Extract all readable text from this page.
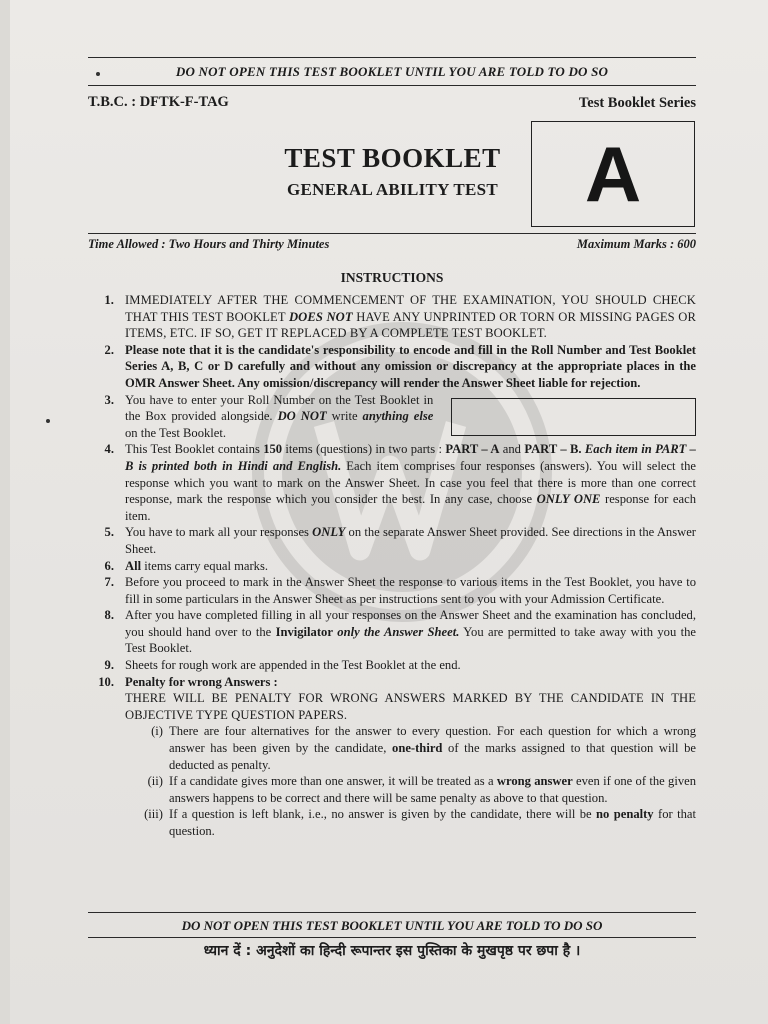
DO NOT OPEN THIS TEST BOOKLET UNTIL YOU ARE TOLD TO DO SO
T.B.C. : DFTK-F-TAG	Test Booklet Series
TEST BOOKLET
GENERAL ABILITY TEST	A
Time Allowed : Two Hours and Thirty Minutes	Maximum Marks : 600
INSTRUCTIONS
1. IMMEDIATELY AFTER THE COMMENCEMENT OF THE EXAMINATION, YOU SHOULD CHECK THAT THIS TEST BOOKLET DOES NOT HAVE ANY UNPRINTED OR TORN OR MISSING PAGES OR ITEMS, ETC. IF SO, GET IT REPLACED BY A COMPLETE TEST BOOKLET.
2. Please note that it is the candidate's responsibility to encode and fill in the Roll Number and Test Booklet Series A, B, C or D carefully and without any omission or discrepancy at the appropriate places in the OMR Answer Sheet. Any omission/discrepancy will render the Answer Sheet liable for rejection.
3. You have to enter your Roll Number on the Test Booklet in the Box provided alongside. DO NOT write anything else on the Test Booklet.
4. This Test Booklet contains 150 items (questions) in two parts : PART – A and PART – B. Each item in PART – B is printed both in Hindi and English. Each item comprises four responses (answers). You will select the response which you want to mark on the Answer Sheet. In case you feel that there is more than one correct response, mark the response which you consider the best. In any case, choose ONLY ONE response for each item.
5. You have to mark all your responses ONLY on the separate Answer Sheet provided. See directions in the Answer Sheet.
6. All items carry equal marks.
7. Before you proceed to mark in the Answer Sheet the response to various items in the Test Booklet, you have to fill in some particulars in the Answer Sheet as per instructions sent to you with your Admission Certificate.
8. After you have completed filling in all your responses on the Answer Sheet and the examination has concluded, you should hand over to the Invigilator only the Answer Sheet. You are permitted to take away with you the Test Booklet.
9. Sheets for rough work are appended in the Test Booklet at the end.
10. Penalty for wrong Answers :
THERE WILL BE PENALTY FOR WRONG ANSWERS MARKED BY THE CANDIDATE IN THE OBJECTIVE TYPE QUESTION PAPERS.
(i) There are four alternatives for the answer to every question. For each question for which a wrong answer has been given by the candidate, one-third of the marks assigned to that question will be deducted as penalty.
(ii) If a candidate gives more than one answer, it will be treated as a wrong answer even if one of the given answers happens to be correct and there will be same penalty as above to that question.
(iii) If a question is left blank, i.e., no answer is given by the candidate, there will be no penalty for that question.
DO NOT OPEN THIS TEST BOOKLET UNTIL YOU ARE TOLD TO DO SO
ध्यान दें : अनुदेशों का हिन्दी रूपान्तर इस पुस्तिका के मुखपृष्ठ पर छपा है ।
